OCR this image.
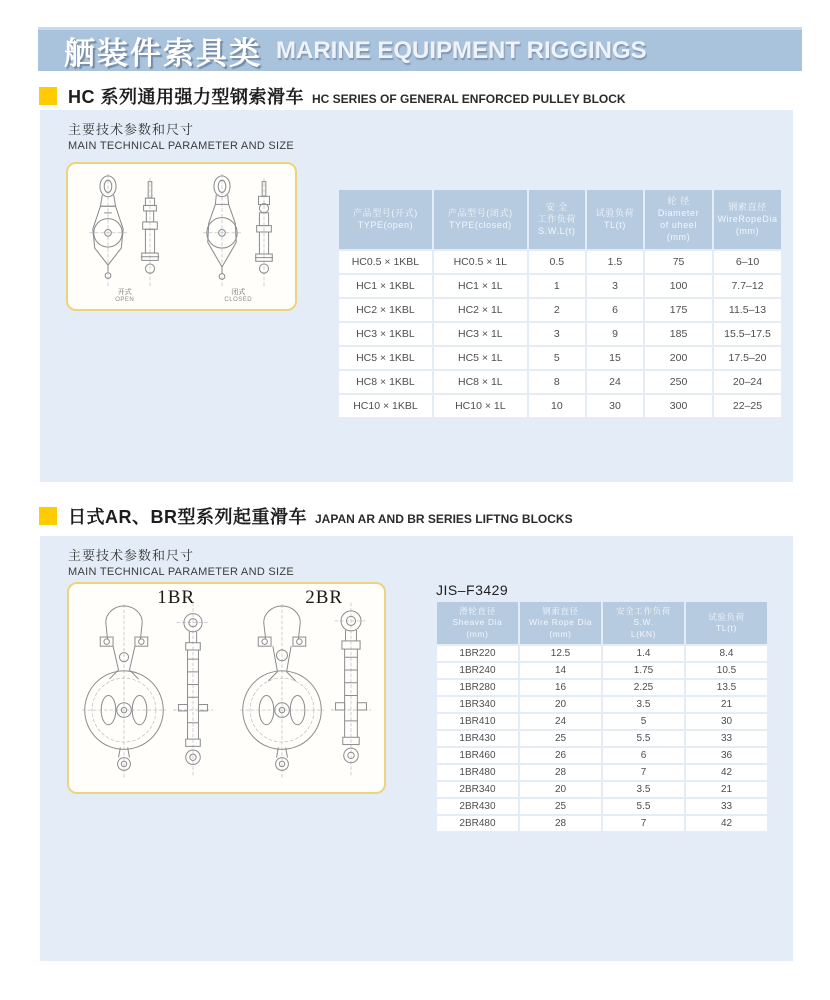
舾装件索具类 MARINE EQUIPMENT RIGGINGS
HC 系列通用强力型钢索滑车 HC SERIES OF GENERAL ENFORCED PULLEY BLOCK
主要技术参数和尺寸
MAIN TECHNICAL PARAMETER AND SIZE
开式
OPEN
闭式
CLOSED
产品型号(开式)
TYPE(open)

产品型号(闭式)
TYPE(closed)

安 全
工作负荷
S.W.L(t)

试验负荷
TL(t)

轮 径
Diameter
of uheel
(mm)

钢索直径
WireRopeDia
(mm)

HC0.5 × 1KBL	HC0.5 × 1L	0.5	1.5	75	6–10
HC1 × 1KBL	HC1 × 1L	1	3	100	7.7–12
HC2 × 1KBL	HC2 × 1L	2	6	175	11.5–13
HC3 × 1KBL	HC3 × 1L	3	9	185	15.5–17.5
HC5 × 1KBL	HC5 × 1L	5	15	200	17.5–20
HC8 × 1KBL	HC8 × 1L	8	24	250	20–24
HC10 × 1KBL	HC10 × 1L	10	30	300	22–25
日式AR、BR型系列起重滑车 JAPAN AR AND BR SERIES LIFTNG BLOCKS
主要技术参数和尺寸
MAIN TECHNICAL PARAMETER AND SIZE
1BR	2BR	JIS–F3429
滑轮直径
Sheave Dia
(mm)

钢索直径
Wire Rope Dia
(mm)

安全工作负荷
S.W.
L(KN)

试验负荷
TL(t)

1BR220	12.5	1.4	8.4
1BR240	14	1.75	10.5
1BR280	16	2.25	13.5
1BR340	20	3.5	21
1BR410	24	5	30
1BR430	25	5.5	33
1BR460	26	6	36
1BR480	28	7	42
2BR340	20	3.5	21
2BR430	25	5.5	33
2BR480	28	7	42
